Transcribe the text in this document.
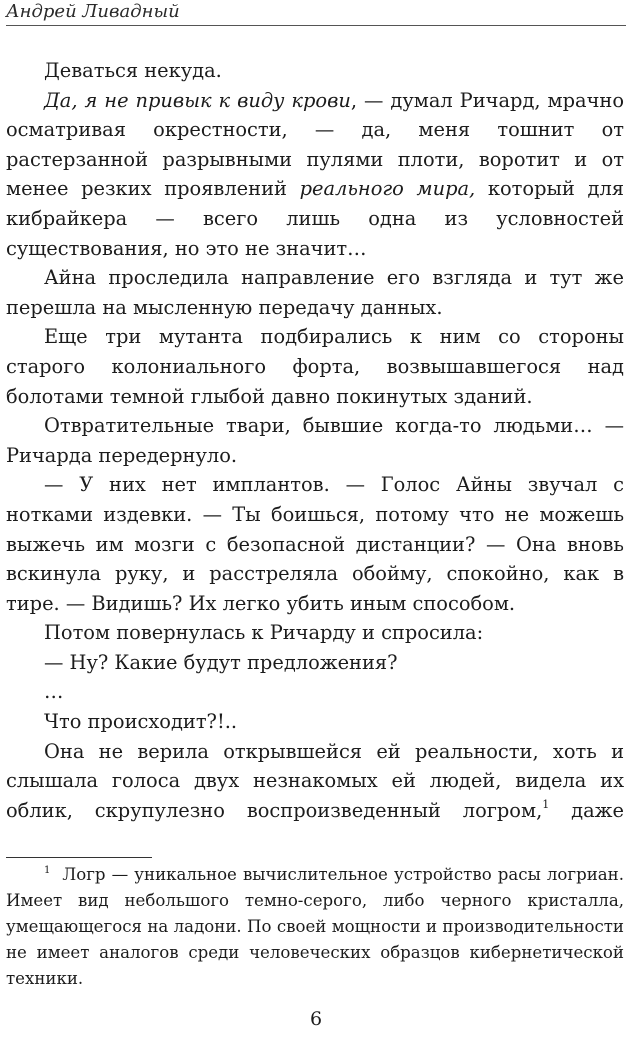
Андрей Ливадный

Деваться некуда.

Да, я не привык к виду крови, — думал Ричард, мрачно осматривая окрестности, — да, меня тошнит от растерзанной разрывными пулями плоти, воротит и от менее резких проявлений реального мира, который для кибрайкера — всего лишь одна из условностей существования, но это не значит…

Айна проследила направление его взгляда и тут же перешла на мысленную передачу данных.

Еще три мутанта подбирались к ним со стороны старого колониального форта, возвышавшегося над болотами темной глыбой давно покинутых зданий.

Отвратительные твари, бывшие когда-то людьми… — Ричарда передернуло.

— У них нет имплантов. — Голос Айны звучал с нотками издевки. — Ты боишься, потому что не можешь выжечь им мозги с безопасной дистанции? — Она вновь вскинула руку, и расстреляла обойму, спокойно, как в тире. — Видишь? Их легко убить иным способом.

Потом повернулась к Ричарду и спросила:

— Ну? Какие будут предложения?

…

Что происходит?!..

Она не верила открывшейся ей реальности, хоть и слышала голоса двух незнакомых ей людей, видела их облик, скрупулезно воспроизведенный логром,$^1$ даже

$^1$ Логр — уникальное вычислительное устройство расы логриан. Имеет вид небольшого темно-серого, либо черного кристалла, умещающегося на ладони. По своей мощности и производительности не имеет аналогов среди человеческих образцов кибернетической техники.

6
